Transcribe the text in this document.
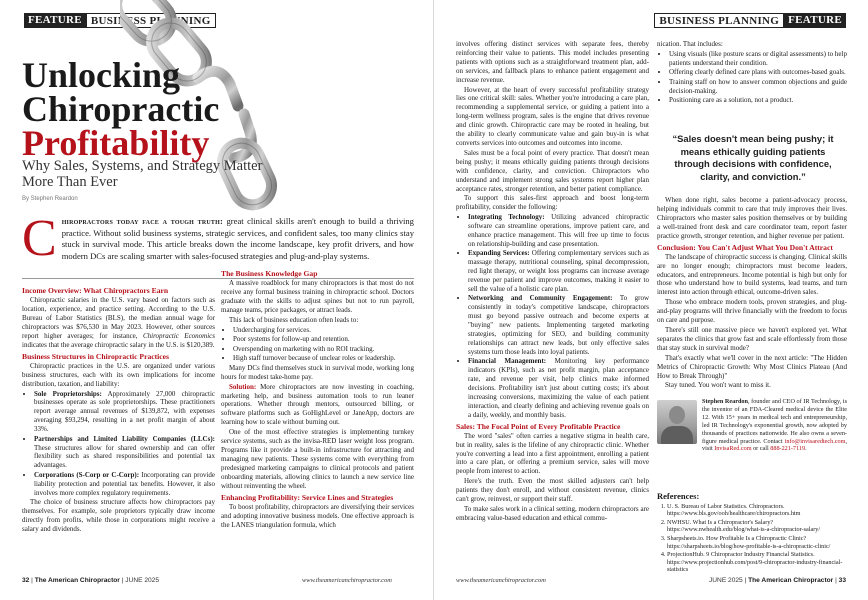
FEATURE BUSINESS PLANNING
Unlocking
Chiropractic
Profitability
Why Sales, Systems, and Strategy Matter More Than Ever
By Stephen Reardon
Chiropractors today face a tough truth: great clinical skills aren't enough to build a thriving practice. Without solid business systems, strategic services, and confident sales, too many clinics stay stuck in survival mode. This article breaks down the income landscape, key profit drivers, and how modern DCs are scaling smarter with sales-focused strategies and plug-and-play systems.
Income Overview: What Chiropractors Earn

Chiropractic salaries in the U.S. vary based on factors such as location, experience, and practice setting. According to the U.S. Bureau of Labor Statistics (BLS), the median annual wage for chiropractors was $76,530 in May 2023. However, other sources report higher averages; for instance, Chiropractic Economics indicates that the average chiropractic salary in the U.S. is $120,389.

Business Structures in Chiropractic Practices

Chiropractic practices in the U.S. are organized under various business structures, each with its own implications for income distribution, taxation, and liability:

• Sole Proprietorships: Approximately 27,000 chiropractic businesses operate as sole proprietorships. These practitioners report average annual revenues of $139,872, with expenses averaging $93,294, resulting in a net profit margin of about 33%.
• Partnerships and Limited Liability Companies (LLCs): These structures allow for shared ownership and can offer flexibility such as shared responsibilities and potential tax advantages.
• Corporations (S-Corp or C-Corp): Incorporating can provide liability protection and potential tax benefits. However, it also involves more complex regulatory requirements.

The choice of business structure affects how chiropractors pay themselves. For example, sole proprietors typically draw income directly from profits, while those in corporations might receive a salary and dividends.

The Business Knowledge Gap

A massive roadblock for many chiropractors is that most do not receive any formal business training in chiropractic school. Doctors graduate with the skills to adjust spines but not to run payroll, manage teams, price packages, or attract leads.

This lack of business education often leads to:

• Undercharging for services.
• Poor systems for follow-up and retention.
• Overspending on marketing with no ROI tracking.
• High staff turnover because of unclear roles or leadership.

Many DCs find themselves stuck in survival mode, working long hours for modest take-home pay.

Solution: More chiropractors are now investing in coaching, marketing help, and business automation tools to run leaner operations. Whether through mentors, outsourced billing, or software platforms such as GoHighLevel or JaneApp, doctors are learning how to scale without burning out.

One of the most effective strategies is implementing turnkey service systems, such as the invisa-RED laser weight loss program. Programs like it provide a built-in infrastructure for attracting and managing new patients. These systems come with everything from predesigned marketing campaigns to clinical protocols and patient onboarding materials, allowing clinics to launch a new service line without reinventing the wheel.

Enhancing Profitability: Service Lines and Strategies

To boost profitability, chiropractors are diversifying their services and adopting innovative business models. One effective approach is the LANES triangulation formula, which

32 | The American Chiropractor | JUNE 2025	www.theamericanchiropractor.com
BUSINESS PLANNING FEATURE

involves offering distinct services with separate fees, thereby reinforcing their value to patients. This model includes presenting patients with options such as a straightforward treatment plan, add-on services, and fallback plans to enhance patient engagement and increase revenue.

However, at the heart of every successful profitability strategy lies one critical skill: sales. Whether you're introducing a care plan, recommending a supplemental service, or guiding a patient into a long-term wellness program, sales is the engine that drives revenue and clinic growth. Chiropractic care may be rooted in healing, but the ability to clearly communicate value and gain buy-in is what converts services into outcomes and outcomes into income.

Sales must be a focal point of every practice. That doesn't mean being pushy; it means ethically guiding patients through decisions with confidence, clarity, and conviction. Chiropractors who understand and implement strong sales systems report higher plan acceptance rates, stronger retention, and better patient compliance.

To support this sales-first approach and boost long-term profitability, consider the following:

• Integrating Technology: Utilizing advanced chiropractic software can streamline operations, improve patient care, and enhance practice management. This will free up time to focus on relationship-building and case presentation.
• Expanding Services: Offering complementary services such as massage therapy, nutritional counseling, spinal decompression, red light therapy, or weight loss programs can increase average revenue per patient and improve outcomes, making it easier to sell the value of a holistic care plan.
• Networking and Community Engagement: To grow consistently in today's competitive landscape, chiropractors must go beyond passive outreach and become experts at "buying" new patients. Implementing targeted marketing strategies, optimizing for SEO, and building community relationships can attract new leads, but only effective sales systems turn those leads into loyal patients.
• Financial Management: Monitoring key performance indicators (KPIs), such as net profit margin, plan acceptance rate, and revenue per visit, help clinics make informed decisions. Profitability isn't just about cutting costs; it's about increasing conversions, maximizing the value of each patient interaction, and clearly defining and achieving revenue goals on a daily, weekly, and monthly basis.
Sales: The Focal Point of Every Profitable Practice

The word "sales" often carries a negative stigma in health care, but in reality, sales is the lifeline of any chiropractic clinic. Whether you're converting a lead into a first appointment, enrolling a patient into a care plan, or offering a premium service, sales will move people from interest to action.

Here's the truth. Even the most skilled adjusters can't help patients they don't enroll, and without consistent revenue, clinics can't grow, reinvest, or support their staff.

To make sales work in a clinical setting, modern chiropractors are embracing value-based education and ethical commu-

nication. That includes:

• Using visuals (like posture scans or digital assessments) to help patients understand their condition.
• Offering clearly defined care plans with outcomes-based goals.
• Training staff on how to answer common objections and guide decision-making.
• Positioning care as a solution, not a product.
“Sales doesn't mean being pushy; it means ethically guiding patients through decisions with confidence, clarity, and conviction.”

When done right, sales become a patient-advocacy process, helping individuals commit to care that truly improves their lives. Chiropractors who master sales position themselves or by building a well-trained front desk and care coordinator team, report faster practice growth, stronger retention, and higher revenue per patient.

Conclusion: You Can't Adjust What You Don't Attract

The landscape of chiropractic success is changing. Clinical skills are no longer enough; chiropractors must become leaders, educators, and entrepreneurs. Income potential is high but only for those who understand how to build systems, lead teams, and turn interest into action through ethical, outcome-driven sales.

Those who embrace modern tools, proven strategies, and plug-and-play programs will thrive financially with the freedom to focus on care and purpose.

There's still one massive piece we haven't explored yet. What separates the clinics that grow fast and scale effortlessly from those that stay stuck in survival mode?

That's exactly what we'll cover in the next article: "The Hidden Metrics of Chiropractic Growth: Why Most Clinics Plateau (And How to Break Through)"

Stay tuned. You won't want to miss it.

Stephen Reardon, founder and CEO of IR Technology, is the inventor of an FDA-Cleared medical device the Elite 12. With 15+ years in medical tech and entrepreneurship, led IR Technology's exponential growth, now adopted by thousands of practices nationwide. He also owns a seven-figure medical practice. Contact info@invisaredtech.com, visit InvisaRed.com or call 888-221-7119.
References:
1. U. S. Bureau of Labor Statistics. Chiropractors. https://www.bls.gov/ooh/healthcare/chiropractors.htm
2. NWHSU. What Is a Chiropractor's Salary? https://www.nwhealth.edu/blog/what-is-a-chiropractor-salary/
3. Sharpsheets.io. How Profitable Is a Chiropractic Clinic? https://sharpsheets.io/blog/how-profitable-is-a-chiropractic-clinic/
4. ProjectionHub. 9 Chiropractor Industry Financial Statistics. https://www.projectionhub.com/post/9-chiropractor-industry-financial-statistics
www.theamericanchiropractor.com	JUNE 2025 | The American Chiropractor | 33
